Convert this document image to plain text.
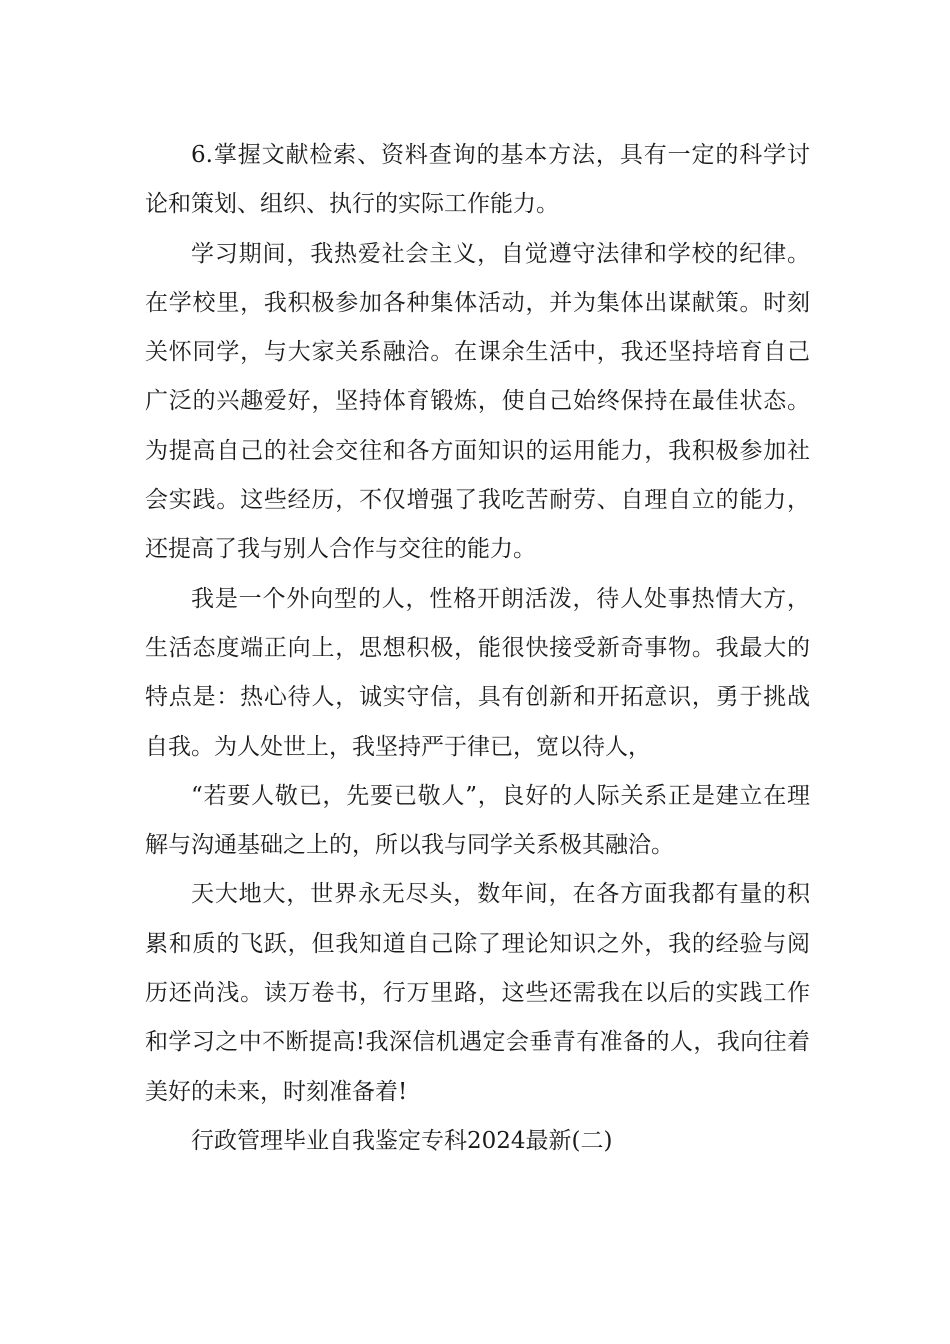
6.掌握文献检索、资料查询的基本方法，具有一定的科学讨论和策划、组织、执行的实际工作能力。

学习期间，我热爱社会主义，自觉遵守法律和学校的纪律。在学校里，我积极参加各种集体活动，并为集体出谋献策。时刻关怀同学，与大家关系融洽。在课余生活中，我还坚持培育自己广泛的兴趣爱好，坚持体育锻炼，使自己始终保持在最佳状态。为提高自己的社会交往和各方面知识的运用能力，我积极参加社会实践。这些经历，不仅增强了我吃苦耐劳、自理自立的能力，还提高了我与别人合作与交往的能力。

我是一个外向型的人，性格开朗活泼，待人处事热情大方，生活态度端正向上，思想积极，能很快接受新奇事物。我最大的特点是：热心待人，诚实守信，具有创新和开拓意识，勇于挑战自我。为人处世上，我坚持严于律已，宽以待人，

“若要人敬已，先要已敬人”，良好的人际关系正是建立在理解与沟通基础之上的，所以我与同学关系极其融洽。

天大地大，世界永无尽头，数年间，在各方面我都有量的积累和质的飞跃，但我知道自己除了理论知识之外，我的经验与阅历还尚浅。读万卷书，行万里路，这些还需我在以后的实践工作和学习之中不断提高!我深信机遇定会垂青有准备的人，我向往着美好的未来，时刻准备着!

行政管理毕业自我鉴定专科2024最新(二)
